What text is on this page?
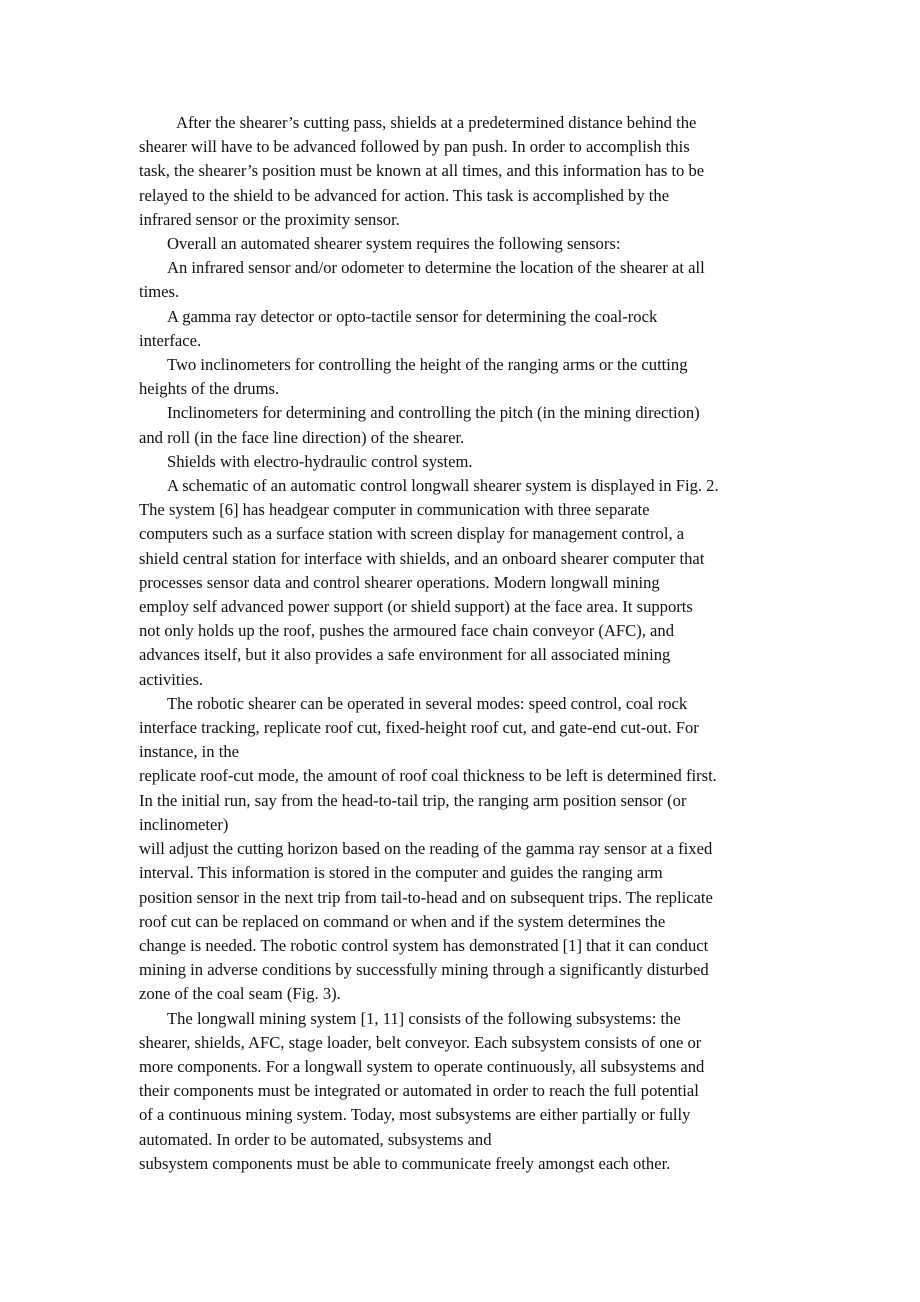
After the shearer’s cutting pass, shields at a predetermined distance behind the
shearer will have to be advanced followed by pan push. In order to accomplish this
task, the shearer’s position must be known at all times, and this information has to be
relayed to the shield to be advanced for action. This task is accomplished by the
infrared sensor or the proximity sensor.
Overall an automated shearer system requires the following sensors:
An infrared sensor and/or odometer to determine the location of the shearer at all
times.
A gamma ray detector or opto-tactile sensor for determining the coal-rock
interface.
Two inclinometers for controlling the height of the ranging arms or the cutting
heights of the drums.
Inclinometers for determining and controlling the pitch (in the mining direction)
and roll (in the face line direction) of the shearer.
Shields with electro-hydraulic control system.
A schematic of an automatic control longwall shearer system is displayed in Fig. 2.
The system [6] has headgear computer in communication with three separate
computers such as a surface station with screen display for management control, a
shield central station for interface with shields, and an onboard shearer computer that
processes sensor data and control shearer operations. Modern longwall mining
employ self advanced power support (or shield support) at the face area. It supports
not only holds up the roof, pushes the armoured face chain conveyor (AFC), and
advances itself, but it also provides a safe environment for all associated mining
activities.
The robotic shearer can be operated in several modes: speed control, coal rock
interface tracking, replicate roof cut, fixed-height roof cut, and gate-end cut-out. For
instance, in the
replicate roof-cut mode, the amount of roof coal thickness to be left is determined first.
In the initial run, say from the head-to-tail trip, the ranging arm position sensor (or
inclinometer)
will adjust the cutting horizon based on the reading of the gamma ray sensor at a fixed
interval. This information is stored in the computer and guides the ranging arm
position sensor in the next trip from tail-to-head and on subsequent trips. The replicate
roof cut can be replaced on command or when and if the system determines the
change is needed. The robotic control system has demonstrated [1] that it can conduct
mining in adverse conditions by successfully mining through a significantly disturbed
zone of the coal seam (Fig. 3).
The longwall mining system [1, 11] consists of the following subsystems: the
shearer, shields, AFC, stage loader, belt conveyor. Each subsystem consists of one or
more components. For a longwall system to operate continuously, all subsystems and
their components must be integrated or automated in order to reach the full potential
of a continuous mining system. Today, most subsystems are either partially or fully
automated. In order to be automated, subsystems and
subsystem components must be able to communicate freely amongst each other.
